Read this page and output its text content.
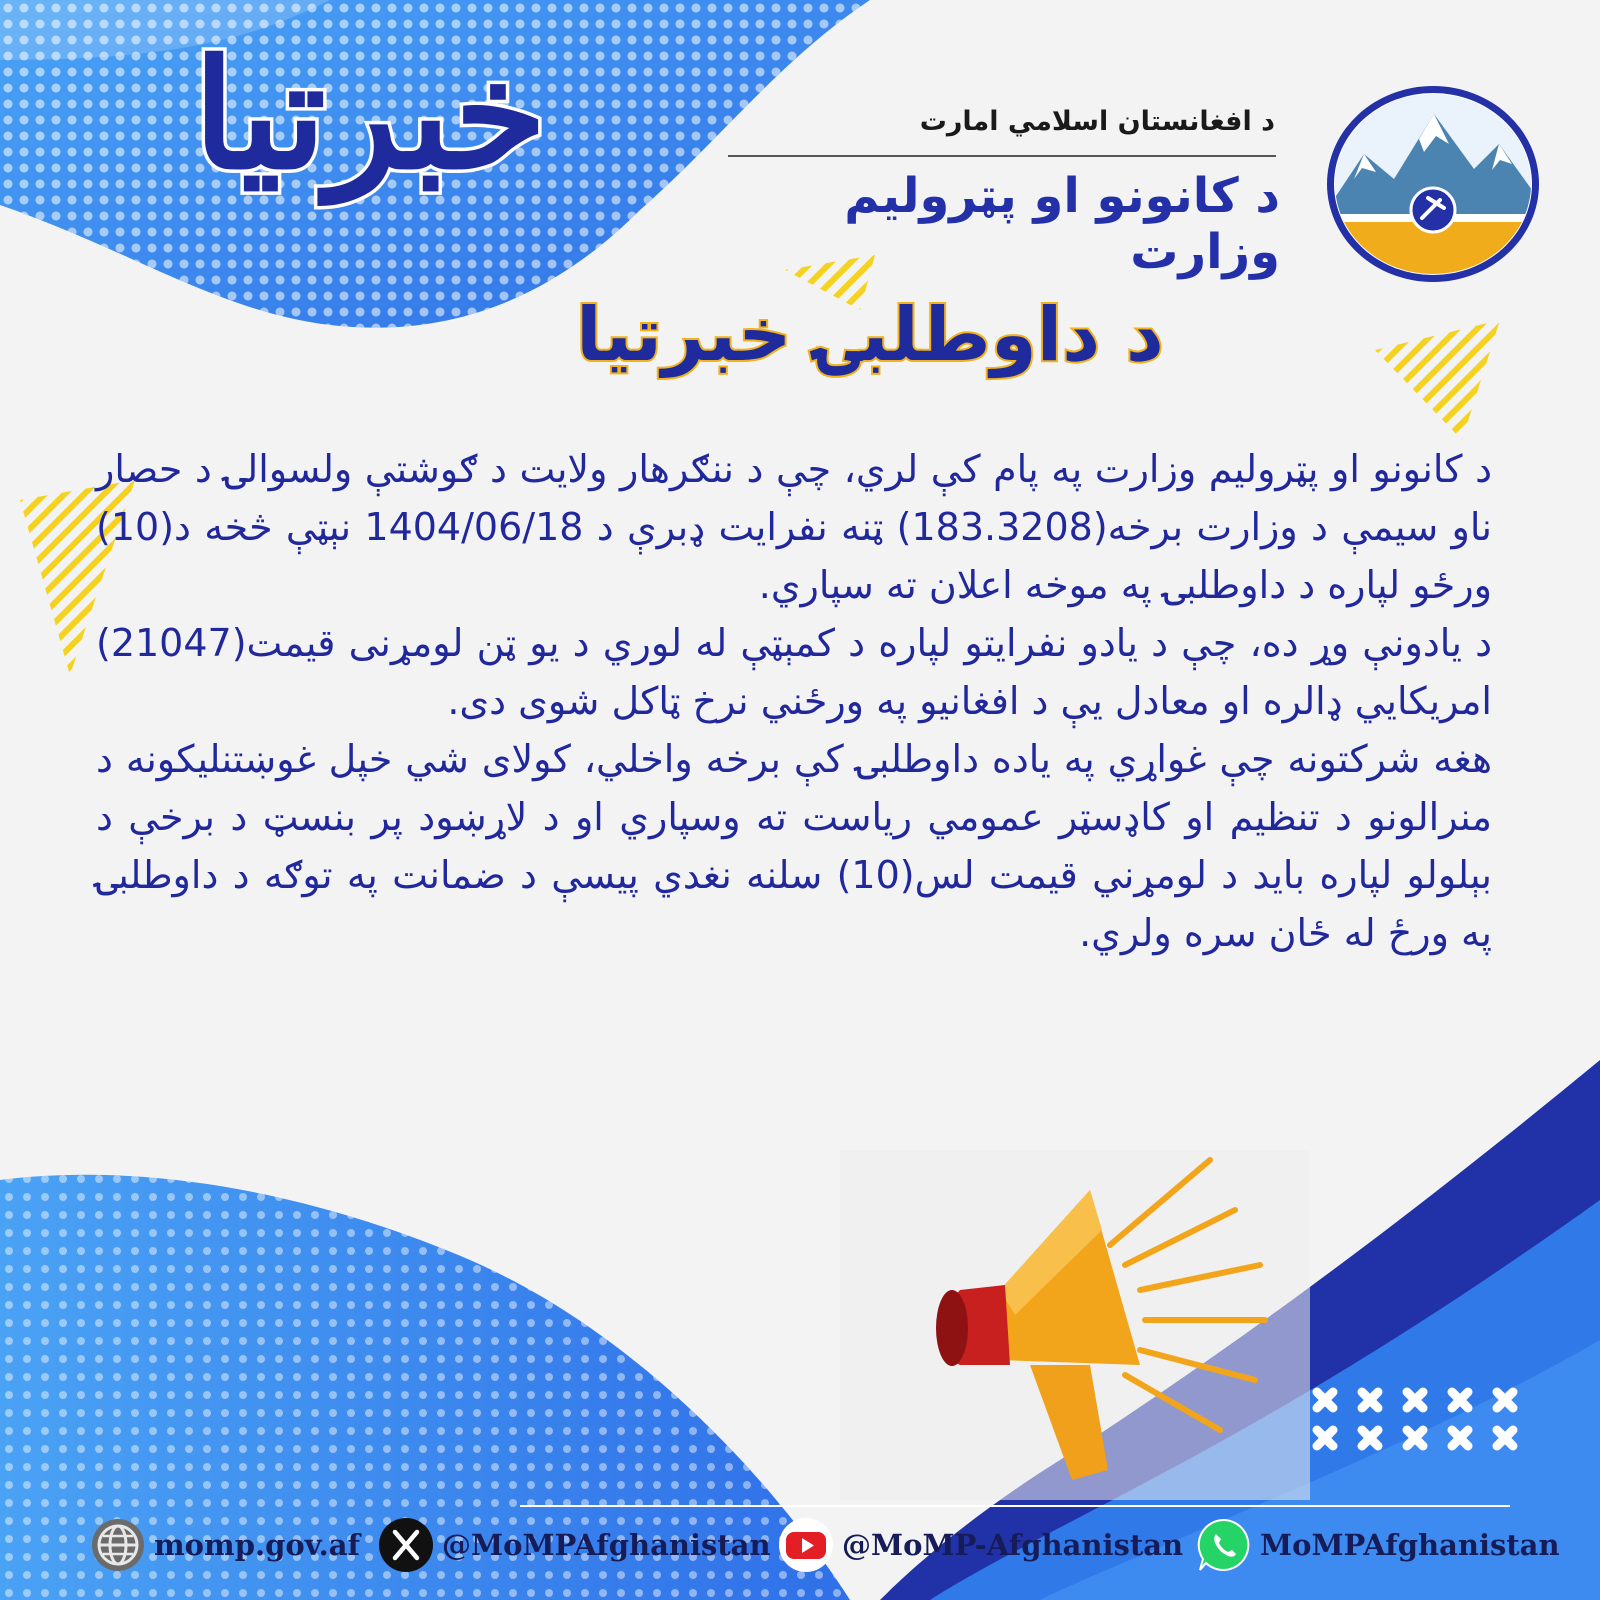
خبرتیا	د افغانستان اسلامي امارت
د کانونو او پټرولیم وزارت
د داوطلبۍ خبرتیا

د کانونو او پټرولیم وزارت په پام کې لري، چې د ننګرهار ولایت د ګوشتې ولسوالۍ د حصار ناو سیمې د وزارت برخه(183.3208) ټنه نفرایت ډبرې د 1404/06/18 نېټې څخه د(10) ورځو لپاره د داوطلبۍ په موخه اعلان ته سپاري.

د یادونې وړ ده، چې د یادو نفرایتو لپاره د کمېټې له لوري د یو ټن لومړنی قیمت(21047) امریکایي ډالره او معادل یې د افغانیو په ورځني نرخ ټاکل شوی دی.

هغه شرکتونه چې غواړي په یاده داوطلبۍ کې برخه واخلي، کولای شي خپل غوښتنلیکونه د منرالونو د تنظیم او کاډسټر عمومي ریاست ته وسپاري او د لاړښود پر بنسټ د برخې د بېلولو لپاره باید د لومړني قیمت لس(10) سلنه نغدي پیسې د ضمانت په توګه د داوطلبۍ په ورځ له ځان سره ولري.

momp.gov.af	@MoMPAfghanistan @MoMP-Afghanistan	MoMPAfghanistan
